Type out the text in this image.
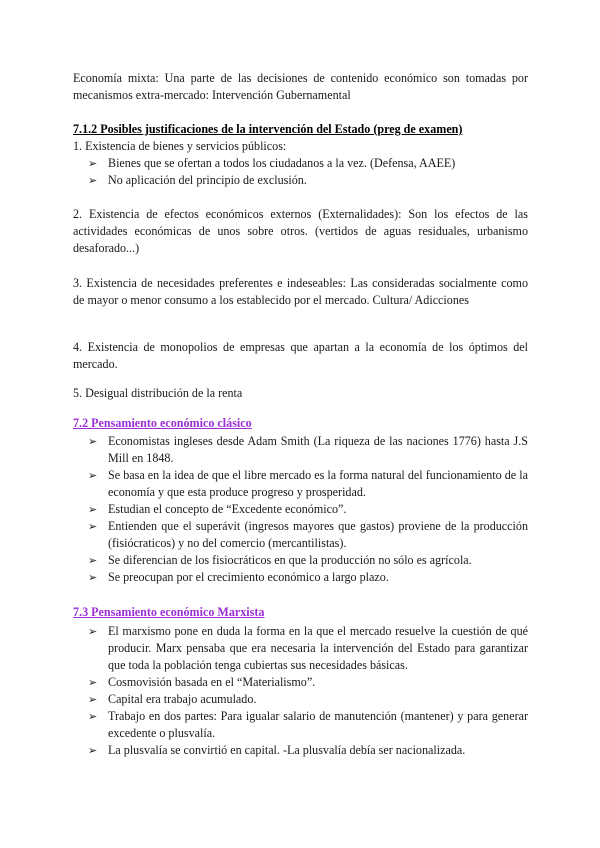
Economía mixta: Una parte de las decisiones de contenido económico son tomadas por mecanismos extra-mercado: Intervención Gubernamental

7.1.2 Posibles justificaciones de la intervención del Estado (preg de examen)

1. Existencia de bienes y servicios públicos:

➢ Bienes que se ofertan a todos los ciudadanos a la vez. (Defensa, AAEE)
➢ No aplicación del principio de exclusión.

2. Existencia de efectos económicos externos (Externalidades): Son los efectos de las actividades económicas de unos sobre otros. (vertidos de aguas residuales, urbanismo desaforado...)

3. Existencia de necesidades preferentes e indeseables: Las consideradas socialmente como de mayor o menor consumo a los establecido por el mercado. Cultura/ Adicciones

4. Existencia de monopolios de empresas que apartan a la economía de los óptimos del mercado.

5. Desigual distribución de la renta

7.2 Pensamiento económico clásico

➢ Economistas ingleses desde Adam Smith (La riqueza de las naciones 1776) hasta J.S Mill en 1848.
➢ Se basa en la idea de que el libre mercado es la forma natural del funcionamiento de la economía y que esta produce progreso y prosperidad.
➢ Estudian el concepto de “Excedente económico”.
➢ Entienden que el superávit (ingresos mayores que gastos) proviene de la producción (fisiócraticos) y no del comercio (mercantilistas).
➢ Se diferencian de los fisiocráticos en que la producción no sólo es agrícola.
➢ Se preocupan por el crecimiento económico a largo plazo.

7.3 Pensamiento económico Marxista

➢ El marxismo pone en duda la forma en la que el mercado resuelve la cuestión de qué producir. Marx pensaba que era necesaria la intervención del Estado para garantizar que toda la población tenga cubiertas sus necesidades básicas.
➢ Cosmovisión basada en el “Materialismo”.
➢ Capital era trabajo acumulado.
➢ Trabajo en dos partes: Para igualar salario de manutención (mantener) y para generar excedente o plusvalía.
➢ La plusvalía se convirtió en capital. -La plusvalía debía ser nacionalizada.
